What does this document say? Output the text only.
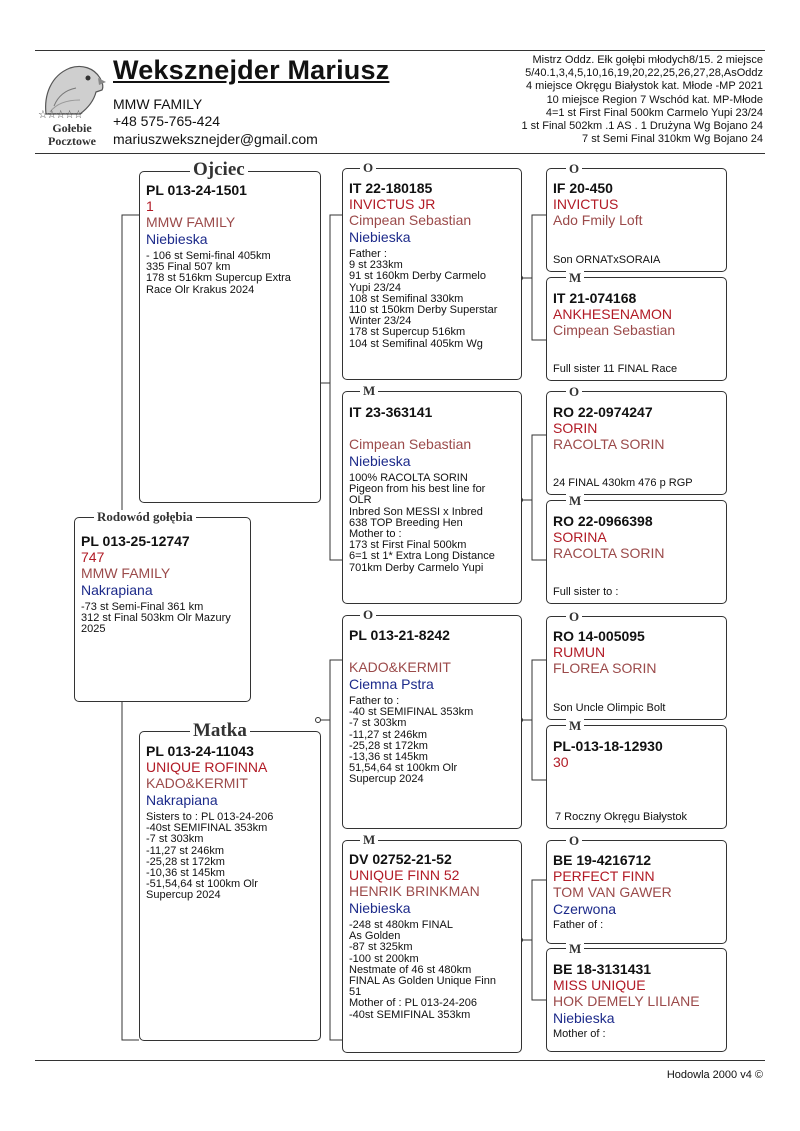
☆☆☆☆☆
Gołebie
Pocztowe
Weksznejder Mariusz
MMW FAMILY
+48 575-765-424
mariuszweksznejder@gmail.com
Mistrz Oddz. Ełk gołębi młodych8/15. 2 miejsce
5/40.1,3,4,5,10,16,19,20,22,25,26,27,28,AsOddz
4 miejsce Okręgu Białystok kat. Młode -MP 2021
10 miejsce Region 7 Wschód kat. MP-Młode
4=1 st First Final 500km Carmelo Yupi 23/24
1 st Final 502km .1 AS . 1 Drużyna Wg Bojano 24
7 st Semi Final 310km Wg Bojano 24
PL 013-25-12747
747
MMW FAMILY
Nakrapiana
-73 st Semi-Final 361 km
312 st Final 503km Olr Mazury
2025
Rodowód gołębia
PL 013-24-1501
1
MMW FAMILY
Niebieska
- 106 st Semi-final 405km
335 Final 507 km
178 st 516km Supercup Extra
Race Olr Krakus 2024
Ojciec
PL 013-24-11043
UNIQUE ROFINNA
KADO&KERMIT
Nakrapiana
Sisters to : PL 013-24-206
-40st SEMIFINAL 353km
-7 st 303km
-11,27 st 246km
-25,28 st 172km
-10,36 st 145km
-51,54,64 st 100km Olr
Supercup 2024
Matka
IT 22-180185
INVICTUS JR
Cimpean Sebastian
Niebieska
Father :
9 st 233km
91 st 160km Derby Carmelo
Yupi 23/24
108 st Semifinal 330km
110 st 150km Derby Superstar
Winter 23/24
178 st Supercup 516km
104 st Semifinal 405km Wg
O
IT 23-363141
Cimpean Sebastian
Niebieska
100% RACOLTA SORIN
Pigeon from his best line for
OLR
Inbred Son MESSI x Inbred
638 TOP Breeding Hen
Mother to :
173 st First Final 500km
6=1 st 1* Extra Long Distance
701km Derby Carmelo Yupi
M
PL 013-21-8242
KADO&KERMIT
Ciemna Pstra
Father to :
-40 st SEMIFINAL 353km
-7 st 303km
-11,27 st 246km
-25,28 st 172km
-13,36 st 145km
51,54,64 st 100km Olr
Supercup 2024
O
DV 02752-21-52
UNIQUE FINN 52
HENRIK BRINKMAN
Niebieska
-248 st 480km FINAL
As Golden
-87 st 325km
-100 st 200km
Nestmate of 46 st 480km
FINAL As Golden Unique Finn
51
Mother of : PL 013-24-206
-40st SEMIFINAL 353km
M
IF 20-450
INVICTUS
Ado Fmily Loft
Son ORNATxSORAIA
O
IT 21-074168
ANKHESENAMON
Cimpean Sebastian
Full sister 11 FINAL Race
M
RO 22-0974247
SORIN
RACOLTA SORIN
24 FINAL 430km 476 p RGP
O
RO 22-0966398
SORINA
RACOLTA SORIN
Full sister to :
M
RO 14-005095
RUMUN
FLOREA SORIN
Son Uncle Olimpic Bolt
O
PL-013-18-12930
30
7 Roczny Okręgu Białystok
M
BE 19-4216712
PERFECT FINN
TOM VAN GAWER
Czerwona
Father of :
O
BE 18-3131431
MISS UNIQUE
HOK DEMELY LILIANE
Niebieska
Mother of :
M
Hodowla 2000 v4 ©
